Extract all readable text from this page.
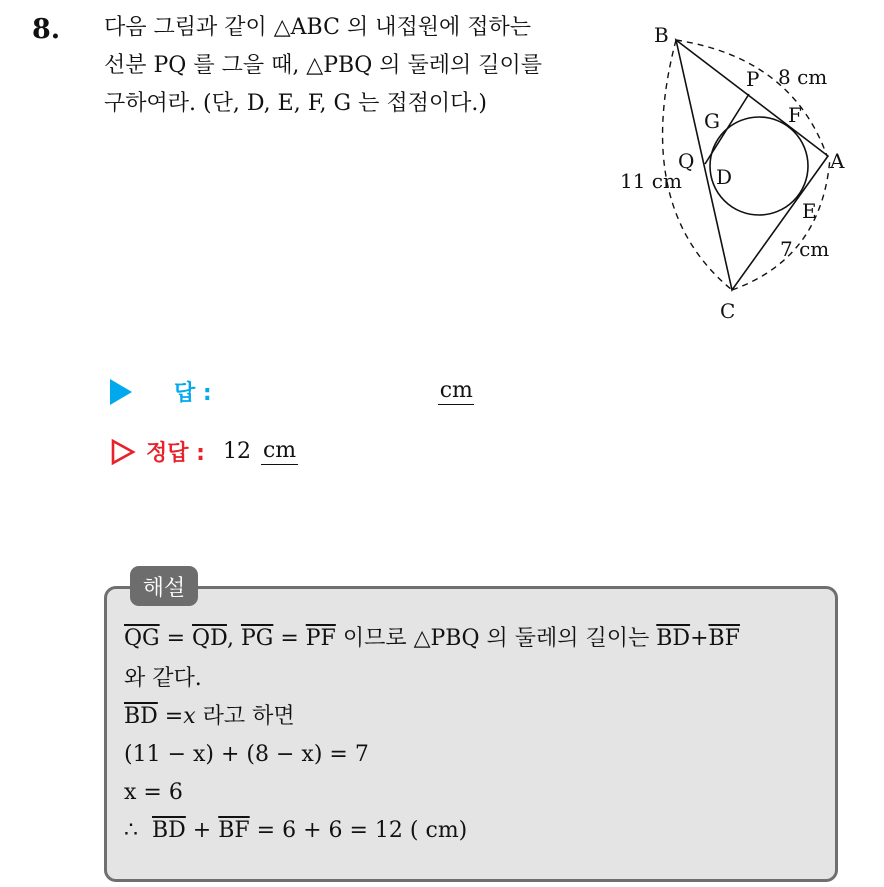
8. 다음 그림과 같이 △ABC 의 내접원에 접하는
선분 PQ 를 그을 때, △PBQ 의 둘레의 길이를
구하여라. (단, D, E, F, G 는 접점이다.)
B
P 8 cm
G	F
A
Q
D
11 cm
E
7 cm
C
답 :	cm
정답 : 12 cm
해설
$\overline{QG} = \overline{QD}$, $\overline{PG} = \overline{PF}$ 이므로 △PBQ 의 둘레의 길이는 $\overline{BD}+\overline{BF}$
와 같다.
$\overline{BD} =x$ 라고 하면
(11 − x) + (8 − x) = 7
x = 6
∴ $\overline{BD} + \overline{BF} = 6 + 6 = 12$ ( cm)
